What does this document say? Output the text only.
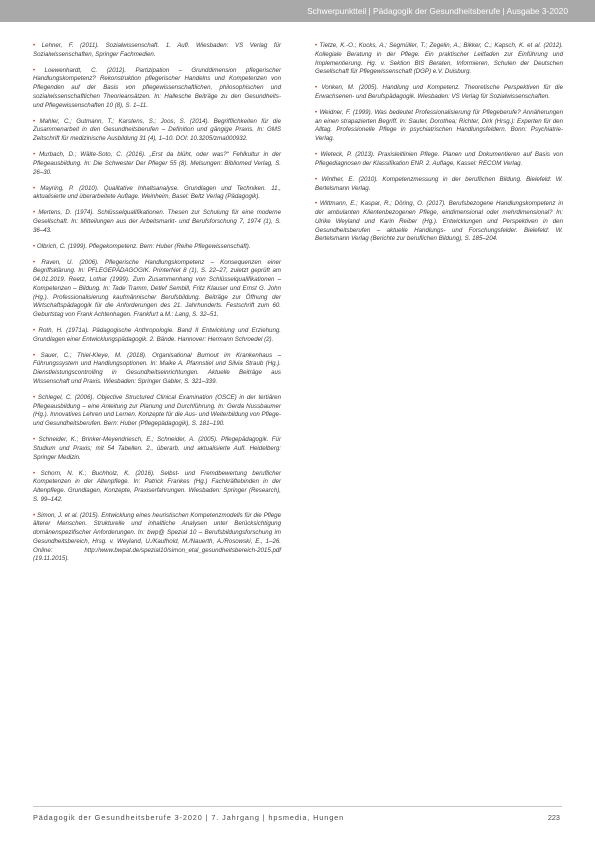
Schwerpunktteil | Pädagogik der Gesundheitsberufe | Ausgabe 3-2020

• Lehner, F. (2011). Sozialwissenschaft. 1. Aufl. Wiesbaden: VS Verlag für Sozialwissenschaften, Springer Fachmedien.

• Loewenhardt, C. (2012). Partizipation – Grunddimension pflegerischer Handlungskompetenz? Rekonstruktion pflegerischer Handelns und Kompetenzen von Pflegenden auf der Basis von pflegewissenschaftlichen, philosophischen und sozialwissenschaftlichen Theorieansätzen. In: Hallesche Beiträge zu den Gesundheits- und Pflegewissenschaften 10 (8), S. 1–11.

• Mahler, C.; Gutmann, T.; Karstens, S.; Joos, S. (2014). Begrifflichkeiten für die Zusammenarbeit in den Gesundheitsberufen – Definition und gängige Praxis. In: GMS Zeitschrift für medizinische Ausbildung 31 (4), 1–10. DOI: 10.3205/zma000932.

• Murbach, D.; Wälte-Soto, C. (2016). „Erst da blüht, oder was?“ Fehlkultur in der Pflegeausbildung. In: Die Schwester Der Pfleger 55 (8). Melsungen: Bibliomed Verlag, S. 26–30.

• Mayring, P. (2010). Qualitative Inhaltsanalyse. Grundlagen und Techniken. 11., aktualisierte und überarbeitete Auflage. Weinheim, Basel: Beltz Verlag (Pädagogik).

• Mertens, D. (1974). Schlüsselqualifikationen. Thesen zur Schulung für eine moderne Gesellschaft. In: Mitteilungen aus der Arbeitsmarkt- und Berufsforschung 7, 1974 (1), S. 36–43.

• Olbrich, C. (1999). Pflegekompetenz. Bern: Huber (Reihe Pflegewissenschaft).

• Raven, U. (2006). Pflegerische Handlungskompetenz – Konsequenzen einer Begriffsklärung. In: PFLEGEPÄDAGOGIK. PrinterNet 8 (1), S. 22–27, zuletzt geprüft am 04.01.2019. Reetz, Lothar (1999). Zum Zusammenhang von Schlüsselqualifikationen – Kompetenzen – Bildung. In: Tade Tramm, Detlef Sembill, Fritz Klauser und Ernst G. John (Hg.). Professionalisierung kaufmännischer Berufsbildung. Beiträge zur Öffnung der Wirtschaftspädagogik für die Anforderungen des 21. Jahrhunderts. Festschrift zum 60. Geburtstag von Frank Achtenhagen. Frankfurt a.M.: Lang, S. 32–51.

• Roth, H. (1971a). Pädagogische Anthropologie. Band II Entwicklung und Erziehung. Grundlagen einer Entwicklungspädagogik. 2. Bände. Hannover: Hermann Schroedel (2).

• Sauer, C.; Thiel-Kleye, M. (2018). Organisational Burnout im Krankenhaus – Führungssystem und Handlungsoptionen. In: Maike A. Pfannstiel und Silvia Straub (Hg.). Dienstleistungscontrolling in Gesundheitseinrichtungen. Aktuelle Beiträge aus Wissenschaft und Praxis. Wiesbaden: Springer Gabler, S. 321–339.

• Schlegel, C. (2006). Objective Structured Clinical Examination (OSCE) in der tertiären Pflegeausbildung – eine Anleitung zur Planung und Durchführung. In: Gerda Nussbaumer (Hg.). Innovatives Lehren und Lernen. Konzepte für die Aus- und Weiterbildung von Pflege- und Gesundheitsberufen. Bern: Huber (Pflegepädagogik), S. 181–190.

• Schneider, K.; Brinker-Meyendriesch, E.; Schneider, A. (2005). Pflegepädagogik. Für Studium und Praxis; mit 54 Tabellen. 2., überarb. und aktualisierte Aufl. Heidelberg: Springer Medizin.

• Schorn, N. K.; Buchholz, K. (2016). Selbst- und Fremdbewertung beruflicher Kompetenzen in der Altenpflege. In: Patrick Frankes (Hg.) Fachkräftebinden in der Altenpflege. Grundlagen, Konzepte, Praxiserfahrungen. Wiesbaden: Springer (Research), S. 99–142.

• Simon, J. et al. (2015). Entwicklung eines heuristischen Kompetenzmodells für die Pflege älterer Menschen. Strukturelle und inhaltliche Analysen unter Berücksichtigung domänenspezifischer Anforderungen. In: bwp@ Spezial 10 – Berufsbildungsforschung im Gesundheitsbereich, Hrsg. v. Weyland, U./Kaufhold, M./Nauerth, A./Rosowski, E., 1–26. Online: http://www.bwpat.de/spezial10/simon_etal_gesundheitsbereich-2015.pdf (19.11.2015).

• Tietze, K.-O.; Kocks, A.; Segmüller, T.; Zegelin, A.; Bikker, C.; Kapsch, K. et al. (2012). Kollegiale Beratung in der Pflege. Ein praktischer Leitfaden zur Einführung und Implementierung. Hg. v. Sektion BIS Beraten, Informieren, Schulen der Deutschen Gesellschaft für Pflegewissenschaft (DGP) e.V. Duisburg.

• Vonken, M. (2005). Handlung und Kompetenz. Theoretische Perspektiven für die Erwachsenen- und Berufspädagogik. Wiesbaden: VS Verlag für Sozialwissenschaften.

• Weidner, F. (1999). Was bedeutet Professionalisierung für Pflegeberufe? Annäherungen an einen strapazierten Begriff. In: Sauter, Dorothea; Richter, Dirk (Hrsg.): Experten für den Alltag. Professionelle Pflege in psychiatrischen Handlungsfeldern. Bonn: Psychiatrie-Verlag.

• Wieteck, P. (2013). Praxisleitlinien Pflege. Planen und Dokumentieren auf Basis von Pflegediagnosen der Klassifikation ENP. 2. Auflage, Kassel: RECOM Verlag.

• Winther, E. (2010). Kompetenzmessung in der beruflichen Bildung. Bielefeld: W. Bertelsmann Verlag.

• Wittmann, E.; Kaspar, R.; Döring, O. (2017). Berufsbezogene Handlungskompetenz in der ambulanten Klientenbezogenen Pflege, eindimensional oder mehrdimensional? In: Ulrike Weyland und Karin Reiber (Hg.). Entwicklungen und Perspektiven in den Gesundheitsberufen – aktuelle Handlungs- und Forschungsfelder. Bielefeld: W. Bertelsmann Verlag (Berichte zur beruflichen Bildung), S. 185–204.

Pädagogik der Gesundheitsberufe 3-2020 | 7. Jahrgang | hpsmedia, Hungen	223
